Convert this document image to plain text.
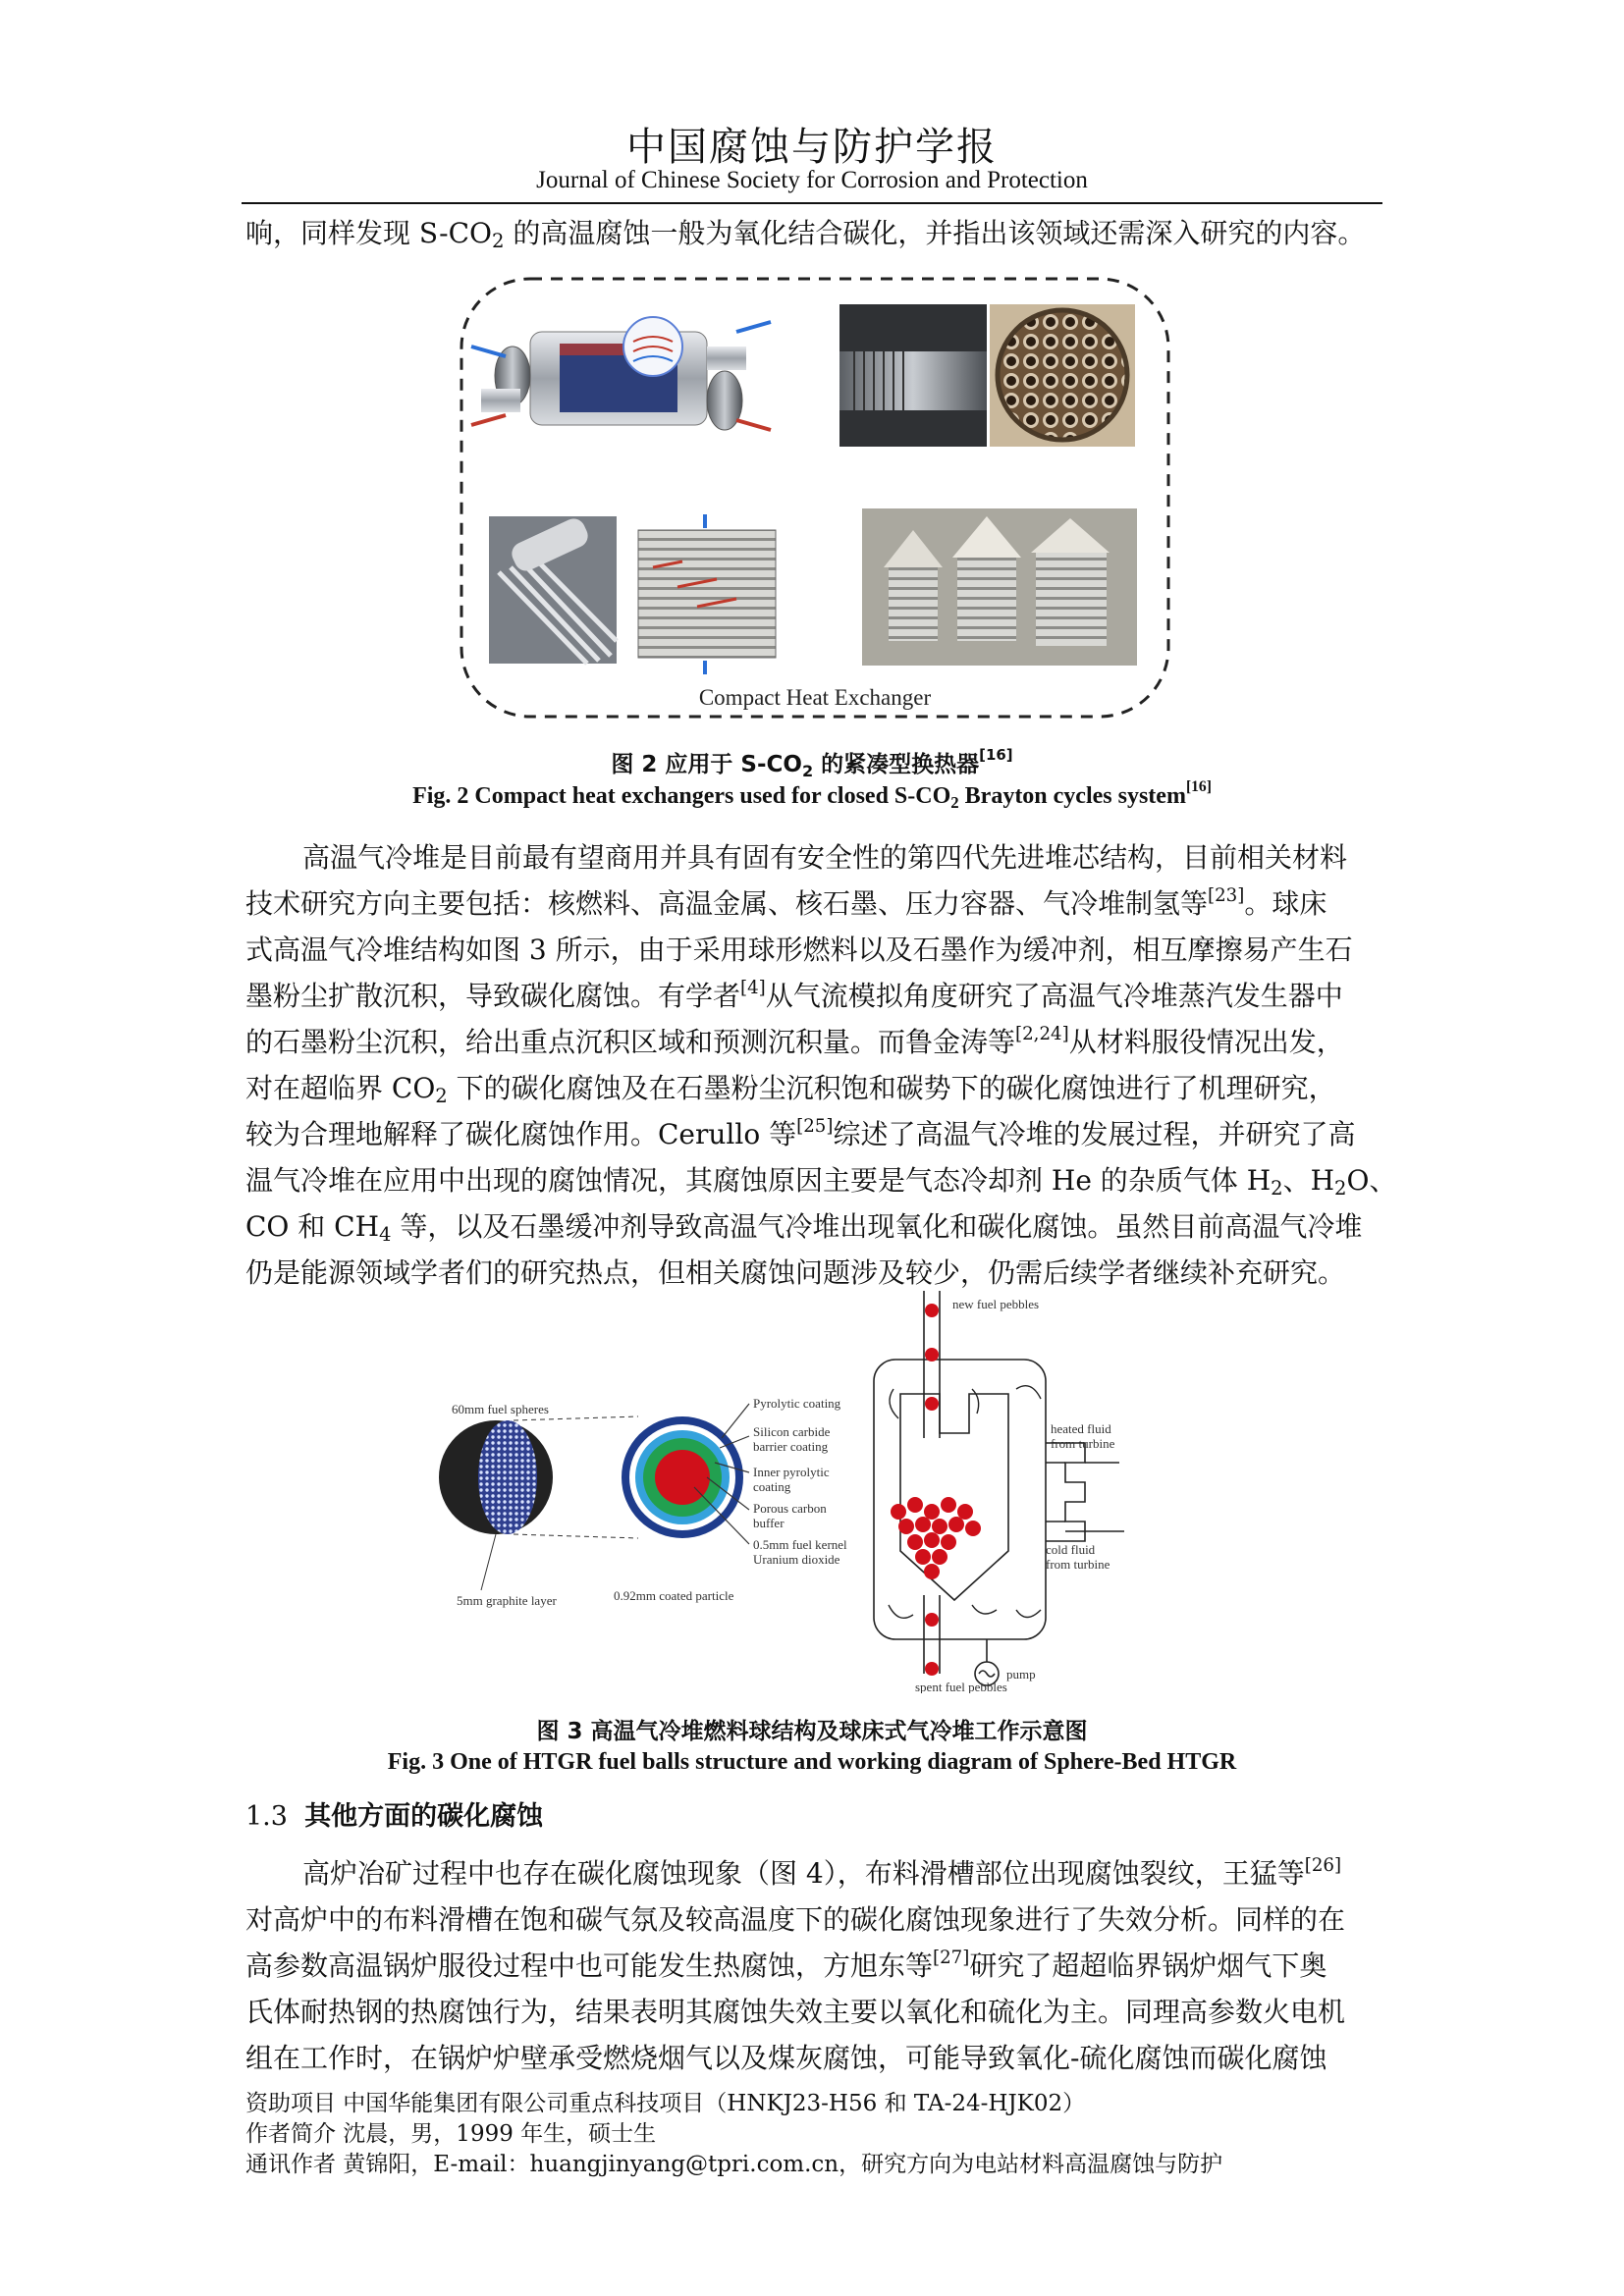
中国腐蚀与防护学报
Journal of Chinese Society for Corrosion and Protection
响，同样发现 $S-CO_2$ 的高温腐蚀一般为氧化结合碳化，并指出该领域还需深入研究的内容。
Compact Heat Exchanger
图 2 应用于 $S-CO_2$ 的紧凑型换热器[16]
Fig. 2 Compact heat exchangers used for closed $S-CO_2$ Brayton cycles system[16]
高温气冷堆是目前最有望商用并具有固有安全性的第四代先进堆芯结构，目前相关材料
技术研究方向主要包括：核燃料、高温金属、核石墨、压力容器、气冷堆制氢等[23]。球床
式高温气冷堆结构如图 3 所示，由于采用球形燃料以及石墨作为缓冲剂，相互摩擦易产生石
墨粉尘扩散沉积，导致碳化腐蚀。有学者[4]从气流模拟角度研究了高温气冷堆蒸汽发生器中
的石墨粉尘沉积，给出重点沉积区域和预测沉积量。而鲁金涛等[2,24]从材料服役情况出发，
对在超临界 $CO_2$ 下的碳化腐蚀及在石墨粉尘沉积饱和碳势下的碳化腐蚀进行了机理研究，
较为合理地解释了碳化腐蚀作用。Cerullo 等[25]综述了高温气冷堆的发展过程，并研究了高
温气冷堆在应用中出现的腐蚀情况，其腐蚀原因主要是气态冷却剂 He 的杂质气体 $H_2$、$H_2O$、
CO 和 $CH_4$ 等，以及石墨缓冲剂导致高温气冷堆出现氧化和碳化腐蚀。虽然目前高温气冷堆
仍是能源领域学者们的研究热点，但相关腐蚀问题涉及较少，仍需后续学者继续补充研究。
60mm fuel spheres
5mm graphite layer	0.92mm coated particle
Pyrolytic coating
Silicon carbide
barrier coating
Inner pyrolytic
coating
Porous carbon
buffer
0.5mm fuel kernel
Uranium dioxide
new fuel pebbles
heated fluid
from turbine
cold fluid
from turbine
pump
spent fuel pebbles
图 3 高温气冷堆燃料球结构及球床式气冷堆工作示意图
Fig. 3 One of HTGR fuel balls structure and working diagram of Sphere-Bed HTGR
1.3 其他方面的碳化腐蚀
高炉冶矿过程中也存在碳化腐蚀现象（图 4），布料滑槽部位出现腐蚀裂纹，王猛等[26]
对高炉中的布料滑槽在饱和碳气氛及较高温度下的碳化腐蚀现象进行了失效分析。同样的在
高参数高温锅炉服役过程中也可能发生热腐蚀，方旭东等[27]研究了超超临界锅炉烟气下奥
氏体耐热钢的热腐蚀行为，结果表明其腐蚀失效主要以氧化和硫化为主。同理高参数火电机
组在工作时，在锅炉炉壁承受燃烧烟气以及煤灰腐蚀，可能导致氧化-硫化腐蚀而碳化腐蚀
资助项目 中国华能集团有限公司重点科技项目（HNKJ23-H56 和 TA-24-HJK02）
作者简介 沈晨，男，1999 年生，硕士生
通讯作者 黄锦阳，E-mail：huangjinyang@tpri.com.cn，研究方向为电站材料高温腐蚀与防护
